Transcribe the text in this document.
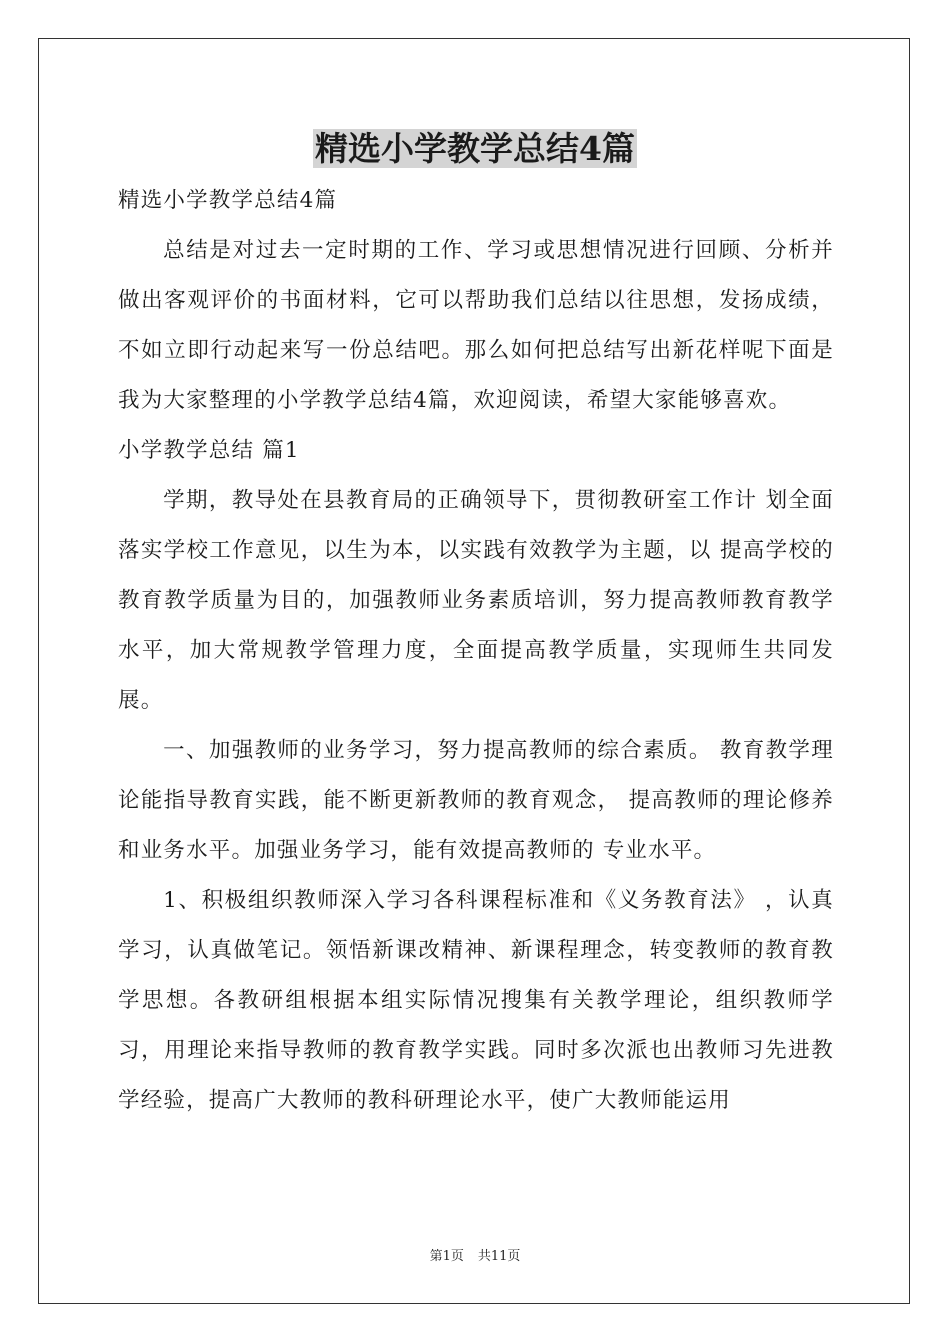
精选小学教学总结4篇

精选小学教学总结4篇

总结是对过去一定时期的工作、学习或思想情况进行回顾、分析并做出客观评价的书面材料，它可以帮助我们总结以往思想，发扬成绩，不如立即行动起来写一份总结吧。那么如何把总结写出新花样呢下面是我为大家整理的小学教学总结4篇，欢迎阅读，希望大家能够喜欢。

小学教学总结 篇1

学期，教导处在县教育局的正确领导下，贯彻教研室工作计 划全面落实学校工作意见，以生为本，以实践有效教学为主题，以 提高学校的教育教学质量为目的，加强教师业务素质培训，努力提高教师教育教学水平，加大常规教学管理力度，全面提高教学质量，实现师生共同发展。

一、加强教师的业务学习，努力提高教师的综合素质。 教育教学理论能指导教育实践，能不断更新教师的教育观念， 提高教师的理论修养和业务水平。加强业务学习，能有效提高教师的 专业水平。

1、积极组织教师深入学习各科课程标准和《义务教育法》 ，认真学习，认真做笔记。领悟新课改精神、新课程理念，转变教师的教育教学思想。各教研组根据本组实际情况搜集有关教学理论，组织教师学习，用理论来指导教师的教育教学实践。同时多次派也出教师习先进教学经验，提高广大教师的教科研理论水平，使广大教师能运用

第1页 共11页
